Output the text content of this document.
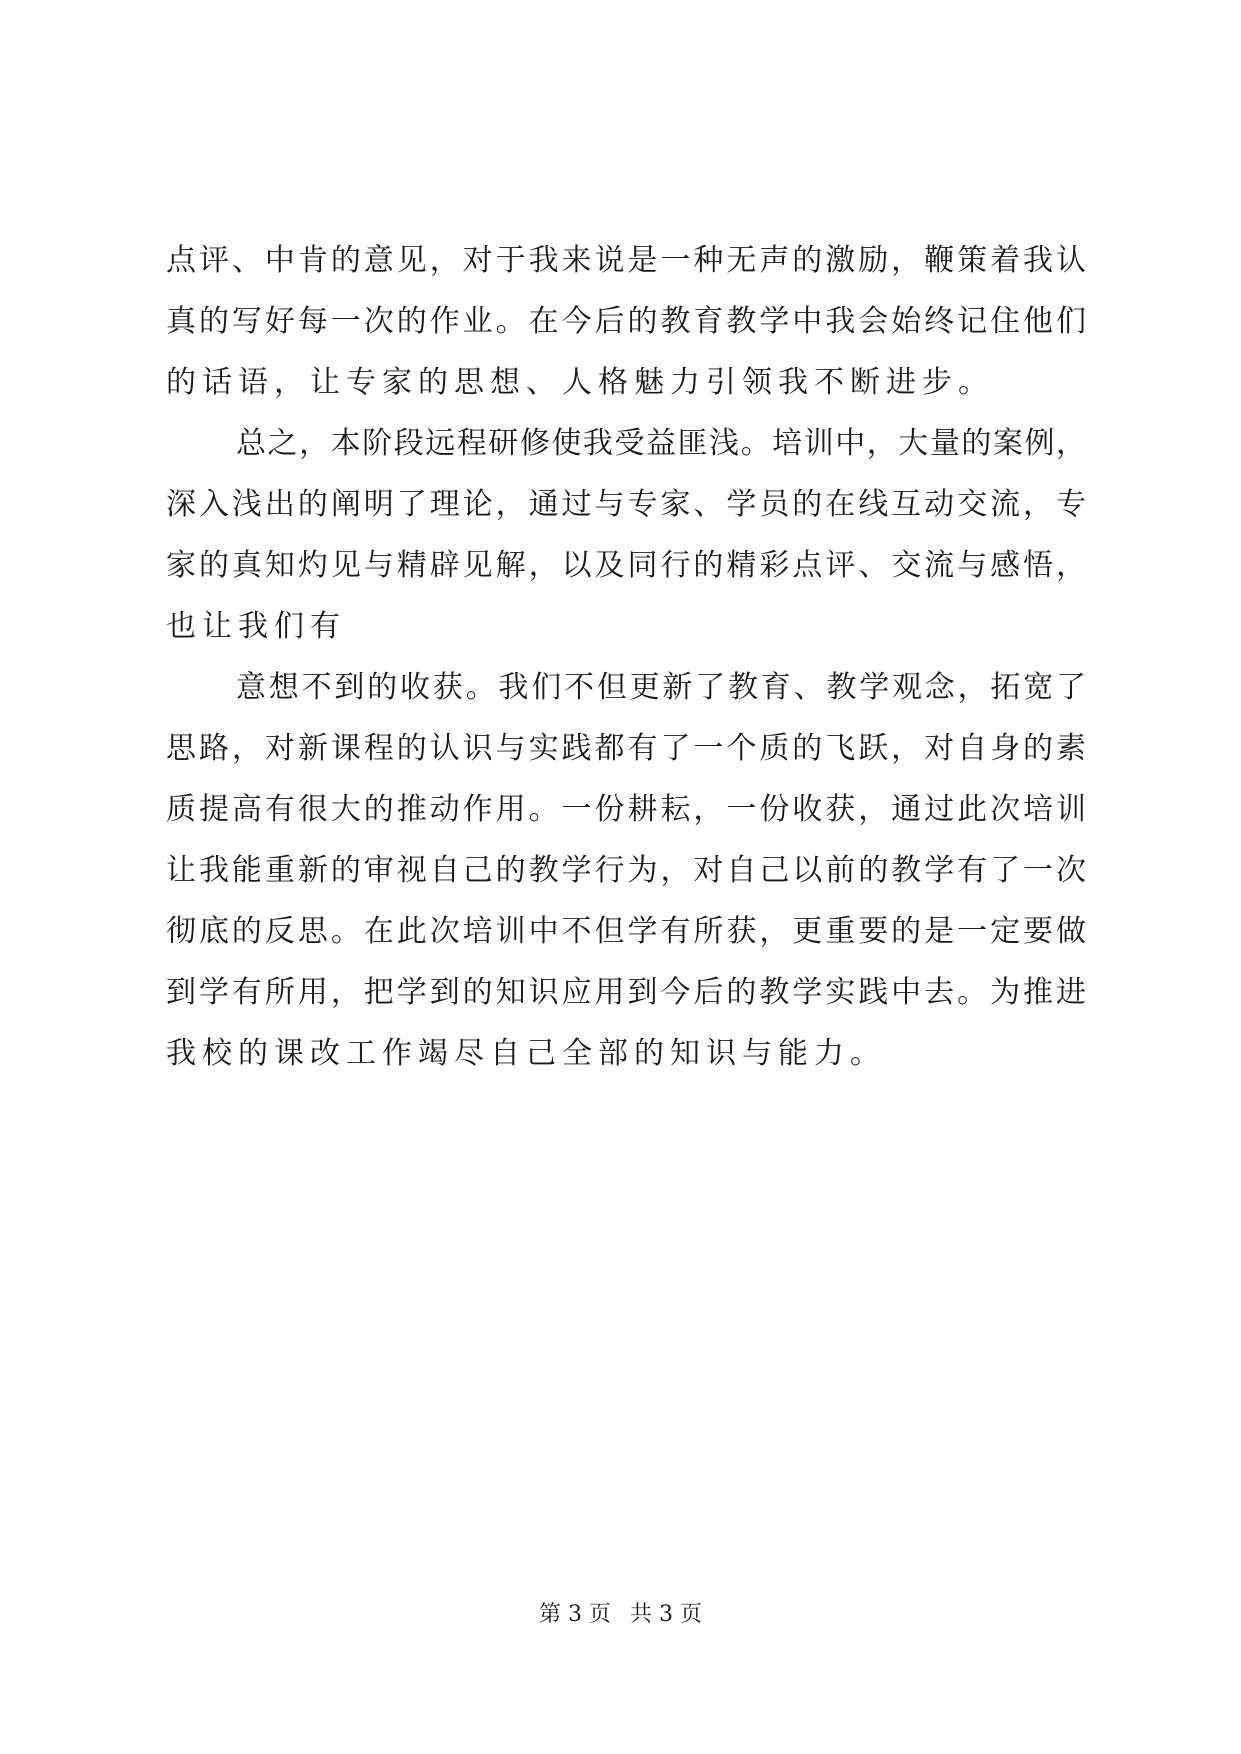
点评、中肯的意见，对于我来说是一种无声的激励，鞭策着我认
真的写好每一次的作业。在今后的教育教学中我会始终记住他们
的话语，让专家的思想、人格魅力引领我不断进步。
总之，本阶段远程研修使我受益匪浅。培训中，大量的案例，
深入浅出的阐明了理论，通过与专家、学员的在线互动交流，专
家的真知灼见与精辟见解，以及同行的精彩点评、交流与感悟，
也让我们有
意想不到的收获。我们不但更新了教育、教学观念，拓宽了
思路，对新课程的认识与实践都有了一个质的飞跃，对自身的素
质提高有很大的推动作用。一份耕耘，一份收获，通过此次培训
让我能重新的审视自己的教学行为，对自己以前的教学有了一次
彻底的反思。在此次培训中不但学有所获，更重要的是一定要做
到学有所用，把学到的知识应用到今后的教学实践中去。为推进
我校的课改工作竭尽自己全部的知识与能力。
第 3 页 共 3 页
